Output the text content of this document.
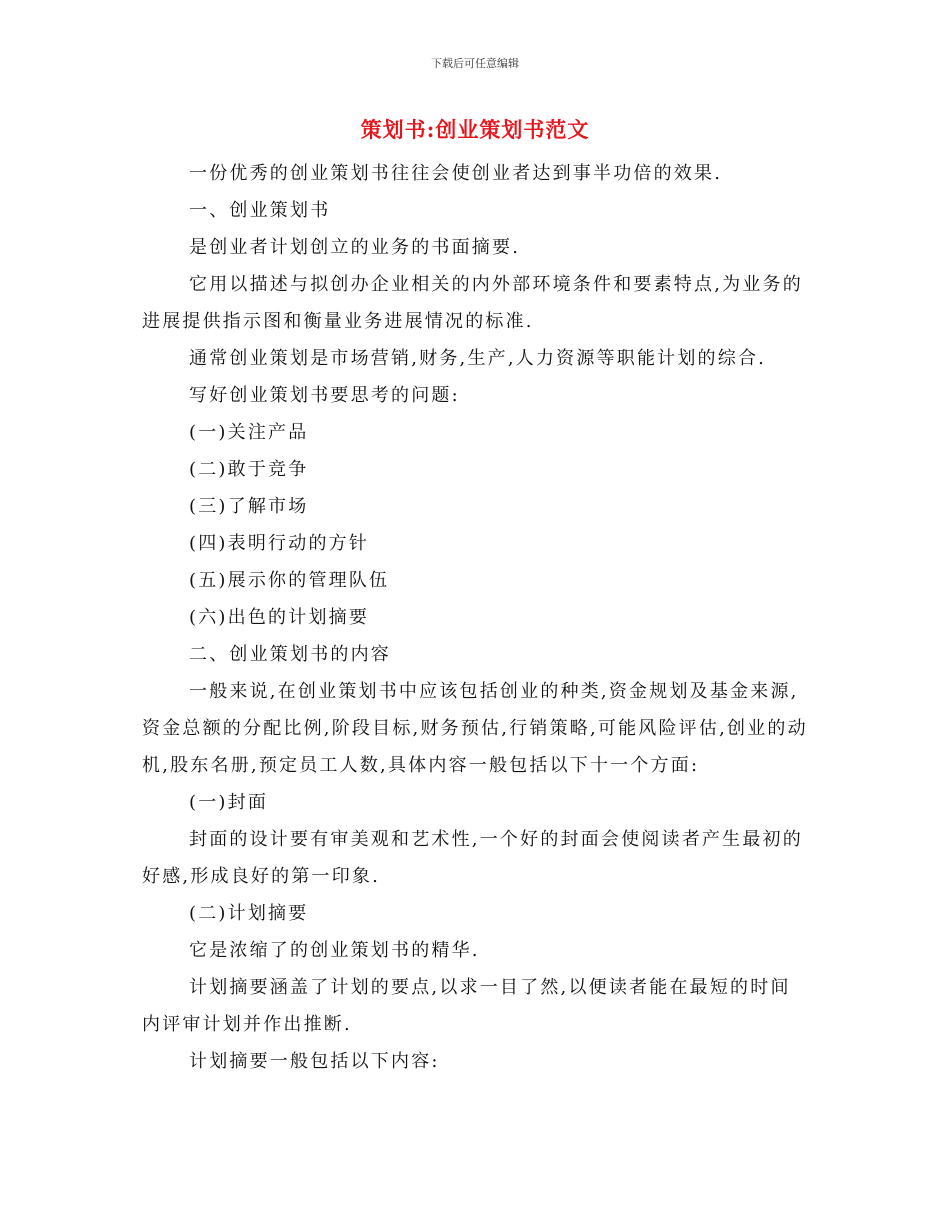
下载后可任意编辑
策划书:创业策划书范文

一份优秀的创业策划书往往会使创业者达到事半功倍的效果.

一、创业策划书

是创业者计划创立的业务的书面摘要.

它用以描述与拟创办企业相关的内外部环境条件和要素特点,为业务的进展提供指示图和衡量业务进展情况的标准.

通常创业策划是市场营销,财务,生产,人力资源等职能计划的综合.

写好创业策划书要思考的问题:

(一)关注产品

(二)敢于竞争

(三)了解市场

(四)表明行动的方针

(五)展示你的管理队伍

(六)出色的计划摘要

二、创业策划书的内容

一般来说,在创业策划书中应该包括创业的种类,资金规划及基金来源,资金总额的分配比例,阶段目标,财务预估,行销策略,可能风险评估,创业的动机,股东名册,预定员工人数,具体内容一般包括以下十一个方面:

(一)封面

封面的设计要有审美观和艺术性,一个好的封面会使阅读者产生最初的好感,形成良好的第一印象.

(二)计划摘要

它是浓缩了的创业策划书的精华.

计划摘要涵盖了计划的要点,以求一目了然,以便读者能在最短的时间内评审计划并作出推断.

计划摘要一般包括以下内容:
